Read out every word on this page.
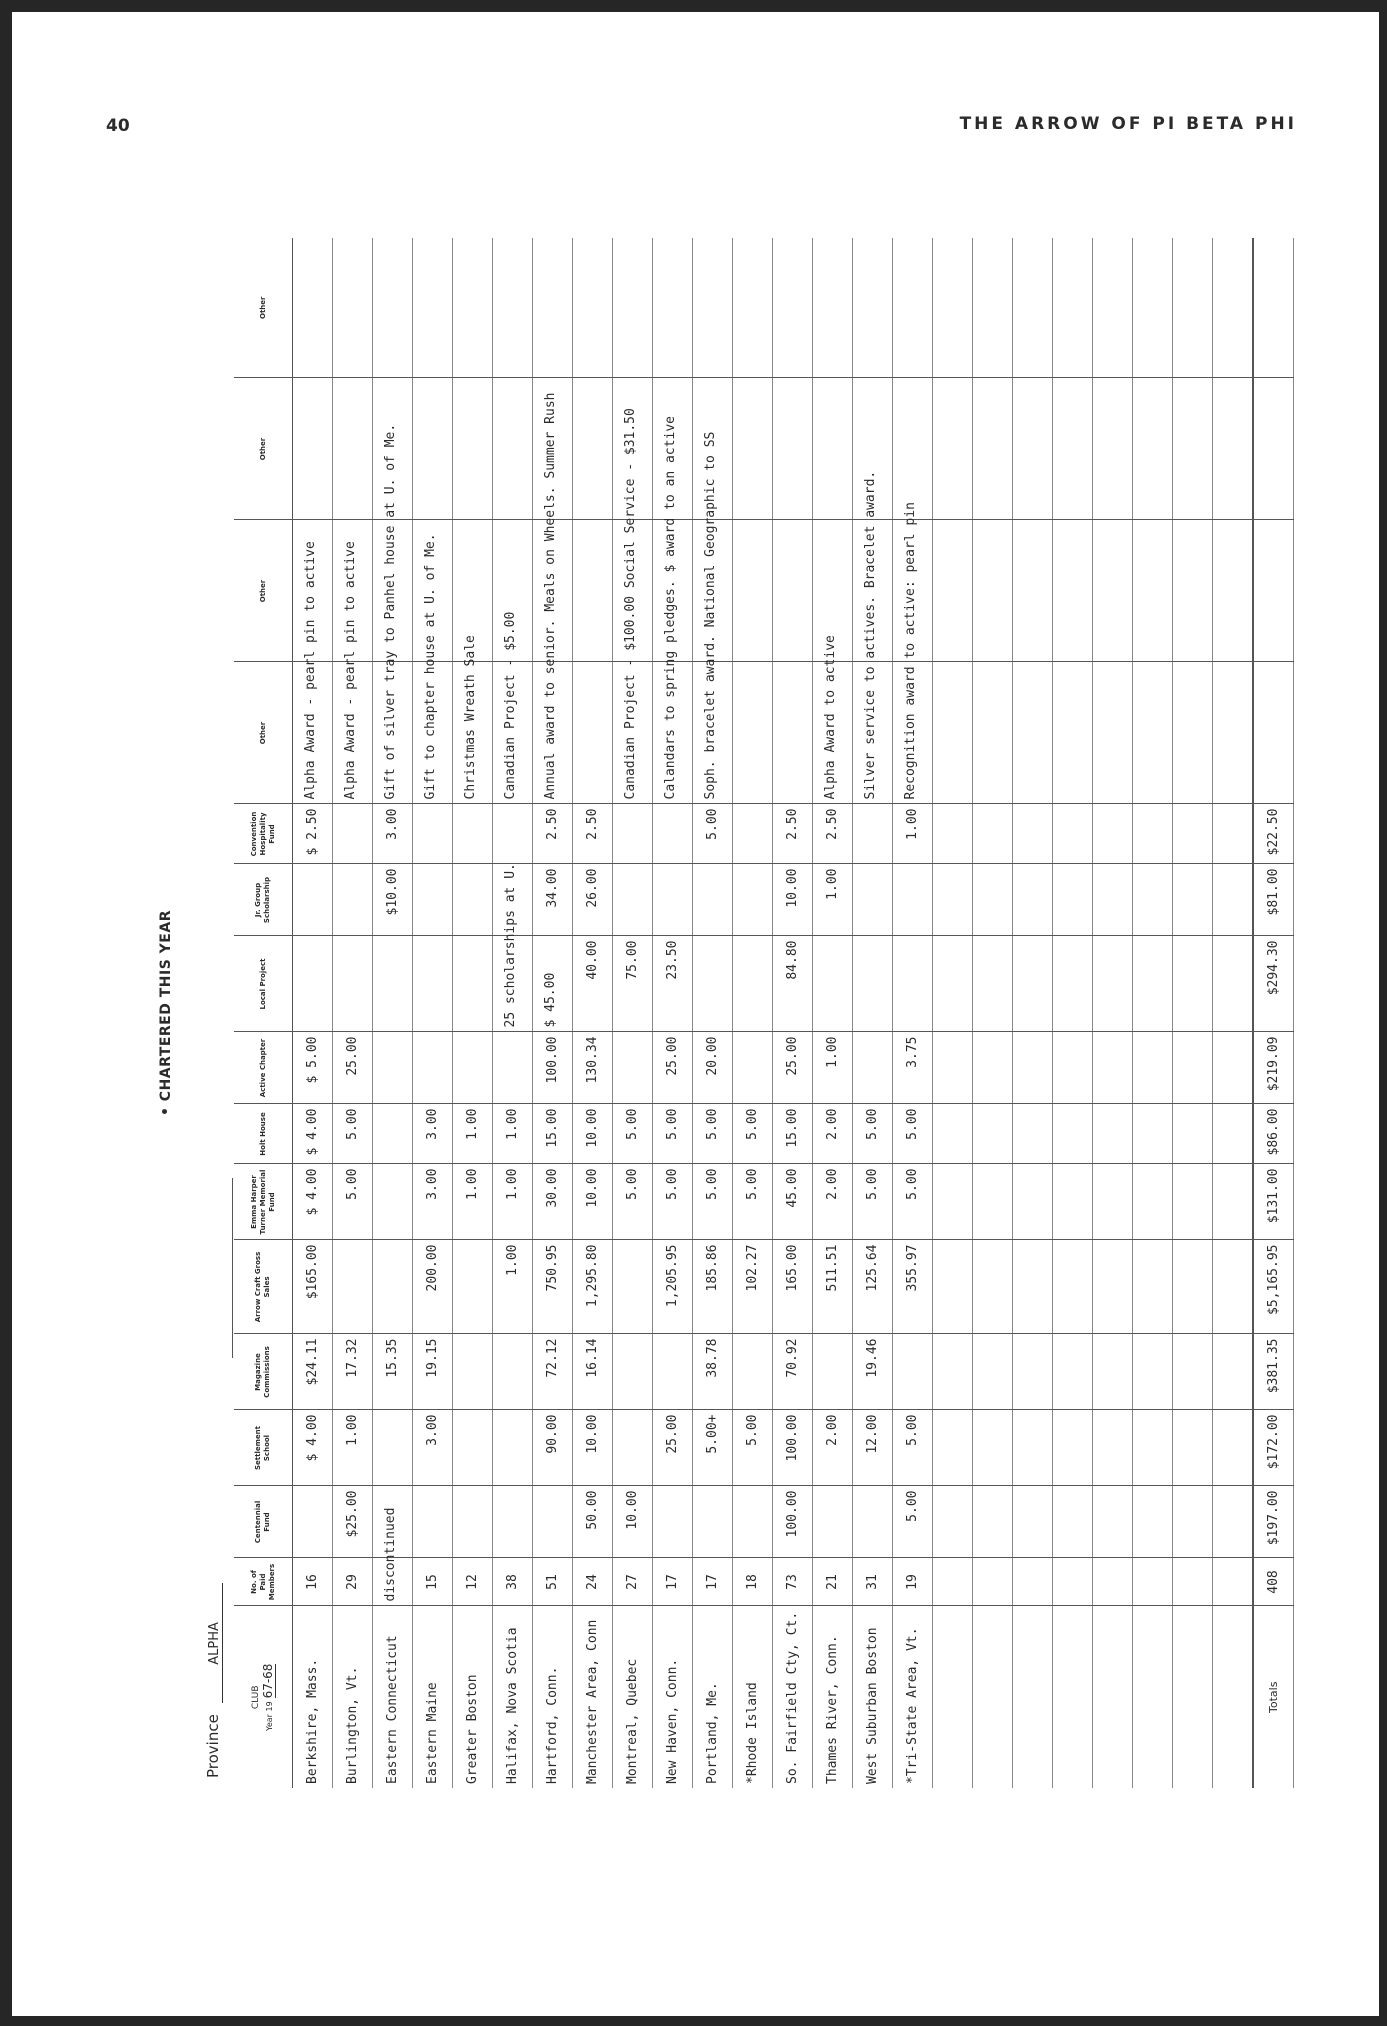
40	THE ARROW OF PI BETA PHI
• CHARTERED THIS YEAR
Province ALPHA
CLUB
Year 19 67-68	No. of Paid Members	Centennial Fund	Settlement School	Magazine Commissions	Arrow Craft Gross Sales	Emma Harper Turner Memorial Fund	Holt House	Active Chapter	Local Project	Jr. Group Scholarship	Convention Hospitality Fund	Other	Other	Other	Other
Berkshire, Mass.	16		$ 4.00	$24.11	$165.00	$ 4.00	$ 4.00	$ 5.00			$ 2.50	Alpha Award - pearl pin to active			

Burlington, Vt.	29	$25.00	1.00	17.32		5.00	5.00	25.00				Alpha Award - pearl pin to active			

Eastern Connecticut	discontinued			15.35						$10.00	3.00	Gift of silver tray to Panhel house at U. of Me.			

Eastern Maine	15		3.00	19.15	200.00	3.00	3.00					Gift to chapter house at U. of Me.			

Greater Boston	12					1.00	1.00					Christmas Wreath Sale			

Halifax, Nova Scotia	38				1.00	1.00	1.00		25 scholarships at U.			Canadian Project - $5.00			

Hartford, Conn.	51		90.00	72.12	750.95	30.00	15.00	100.00	$ 45.00	34.00	2.50	Annual award to senior. Meals on Wheels. Summer Rush			

Manchester Area, Conn	24	50.00	10.00	16.14	1,295.80	10.00	10.00	130.34	40.00	26.00	2.50	

Montreal, Quebec	27	10.00				5.00	5.00		75.00			Canadian Project - $100.00 Social Service - $31.50			

New Haven, Conn.	17		25.00		1,205.95	5.00	5.00	25.00	23.50			Calandars to spring pledges. $ award to an active			

Portland, Me.	17		5.00+	38.78	185.86	5.00	5.00	20.00			5.00	Soph. bracelet award. National Geographic to SS			

*Rhode Island	18		5.00		102.27	5.00	5.00					

So. Fairfield Cty, Ct.	73	100.00	100.00	70.92	165.00	45.00	15.00	25.00	84.80	10.00	2.50	

Thames River, Conn.	21		2.00		511.51	2.00	2.00	1.00		1.00	2.50	Alpha Award to active			

West Suburban Boston	31		12.00	19.46	125.64	5.00	5.00					Silver service to actives. Bracelet award.			

*Tri-State Area, Vt.	19	5.00	5.00		355.97	5.00	5.00	3.75			1.00	Recognition award to active: pearl pin			

Totals	408	$197.00	$172.00	$381.35	$5,165.95	$131.00	$86.00	$219.09	$294.30	$81.00	$22.50				
